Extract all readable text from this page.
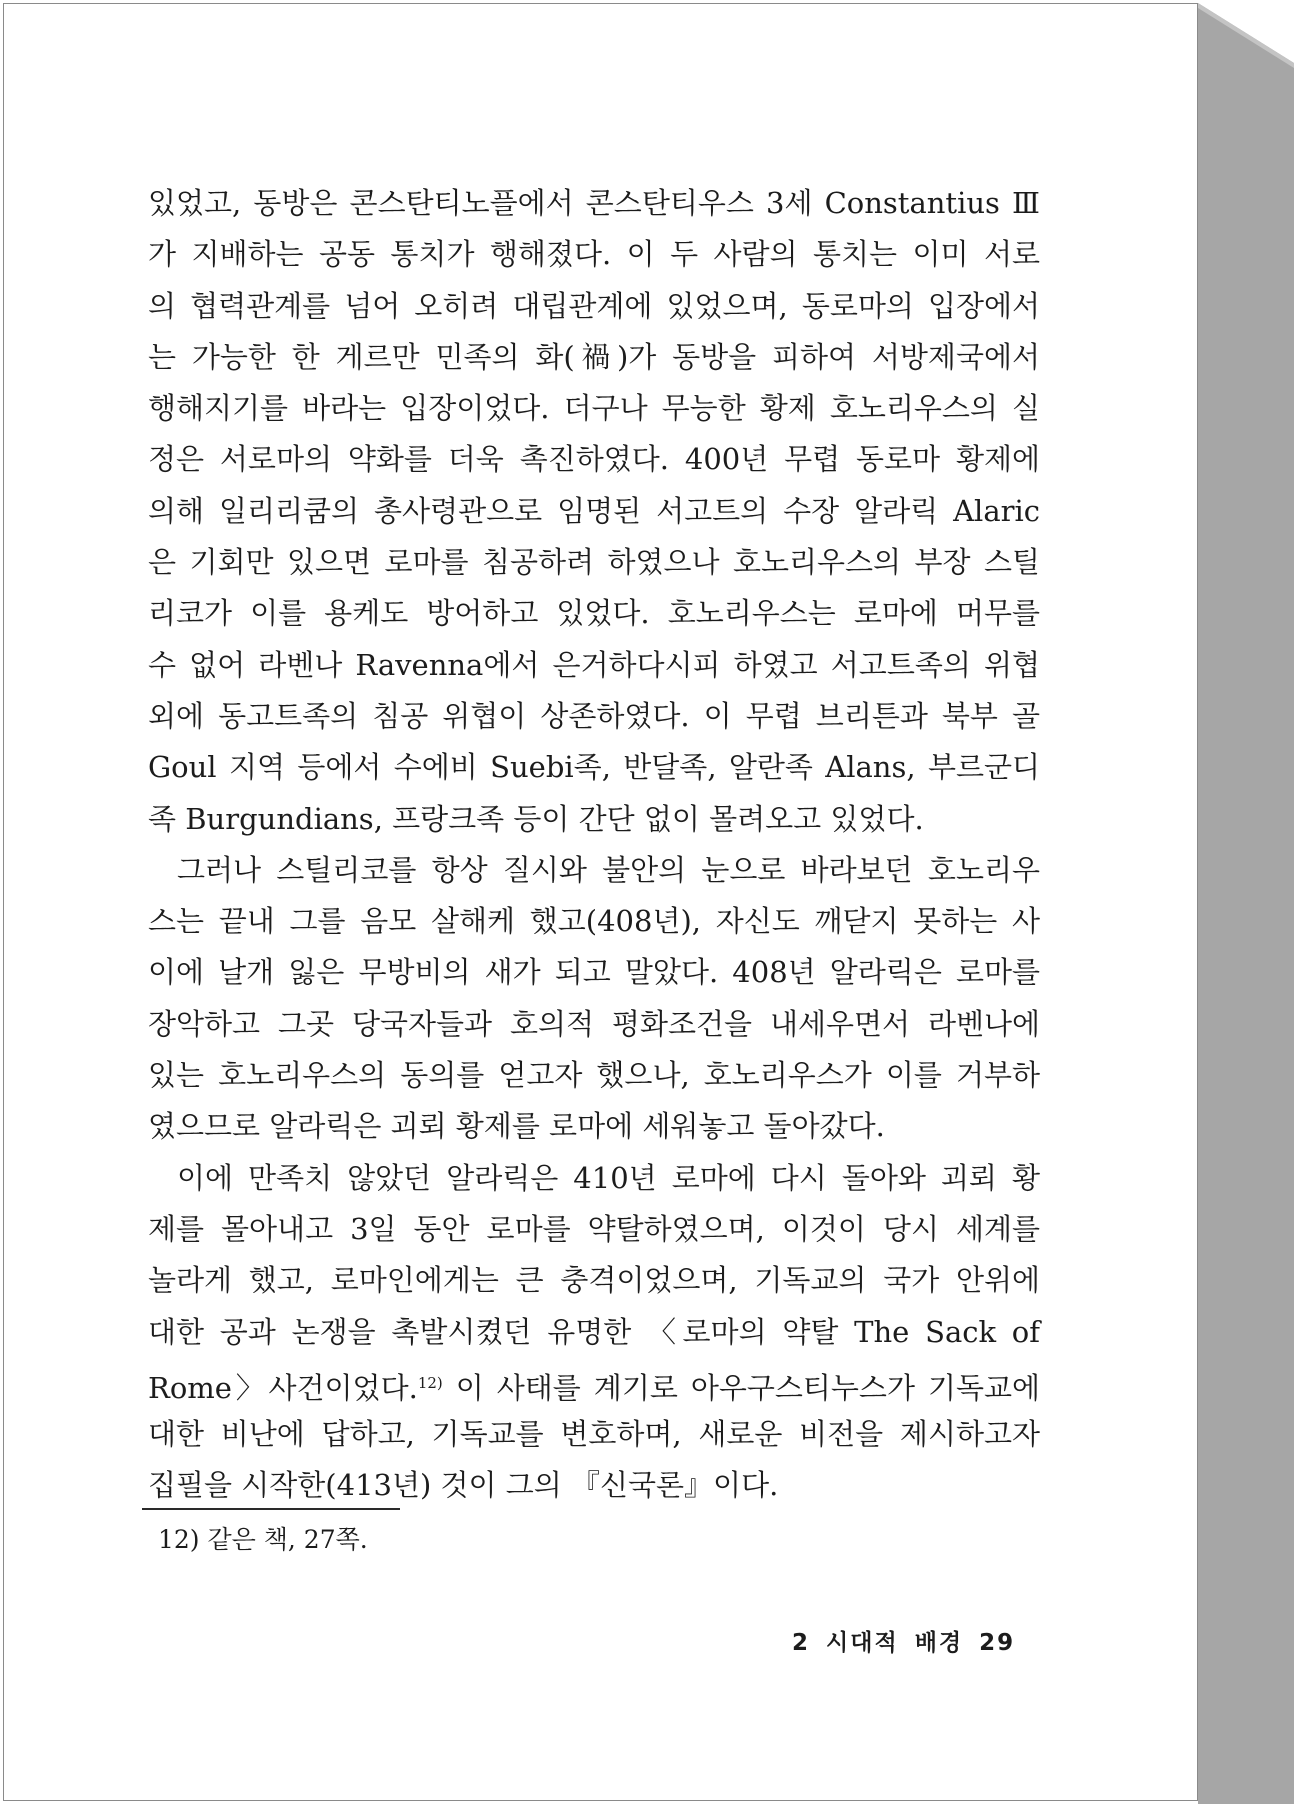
있었고, 동방은 콘스탄티노플에서 콘스탄티우스 3세 Constantius Ⅲ
가 지배하는 공동 통치가 행해졌다. 이 두 사람의 통치는 이미 서로
의 협력관계를 넘어 오히려 대립관계에 있었으며, 동로마의 입장에서
는 가능한 한 게르만 민족의 화(禍)가 동방을 피하여 서방제국에서
행해지기를 바라는 입장이었다. 더구나 무능한 황제 호노리우스의 실
정은 서로마의 약화를 더욱 촉진하였다. 400년 무렵 동로마 황제에
의해 일리리쿰의 총사령관으로 임명된 서고트의 수장 알라릭 Alaric
은 기회만 있으면 로마를 침공하려 하였으나 호노리우스의 부장 스틸
리코가 이를 용케도 방어하고 있었다. 호노리우스는 로마에 머무를
수 없어 라벤나 Ravenna에서 은거하다시피 하였고 서고트족의 위협
외에 동고트족의 침공 위협이 상존하였다. 이 무렵 브리튼과 북부 골
Goul 지역 등에서 수에비 Suebi족, 반달족, 알란족 Alans, 부르군디
족 Burgundians, 프랑크족 등이 간단 없이 몰려오고 있었다.
그러나 스틸리코를 항상 질시와 불안의 눈으로 바라보던 호노리우
스는 끝내 그를 음모 살해케 했고(408년), 자신도 깨닫지 못하는 사
이에 날개 잃은 무방비의 새가 되고 말았다. 408년 알라릭은 로마를
장악하고 그곳 당국자들과 호의적 평화조건을 내세우면서 라벤나에
있는 호노리우스의 동의를 얻고자 했으나, 호노리우스가 이를 거부하
였으므로 알라릭은 괴뢰 황제를 로마에 세워놓고 돌아갔다.
이에 만족치 않았던 알라릭은 410년 로마에 다시 돌아와 괴뢰 황
제를 몰아내고 3일 동안 로마를 약탈하였으며, 이것이 당시 세계를
놀라게 했고, 로마인에게는 큰 충격이었으며, 기독교의 국가 안위에
대한 공과 논쟁을 촉발시켰던 유명한 〈로마의 약탈 The Sack of
Rome〉사건이었다.$^{12)}$ 이 사태를 계기로 아우구스티누스가 기독교에
대한 비난에 답하고, 기독교를 변호하며, 새로운 비전을 제시하고자
집필을 시작한(413년) 것이 그의 『신국론』이다.
12) 같은 책, 27쪽.
2 시대적 배경 29
